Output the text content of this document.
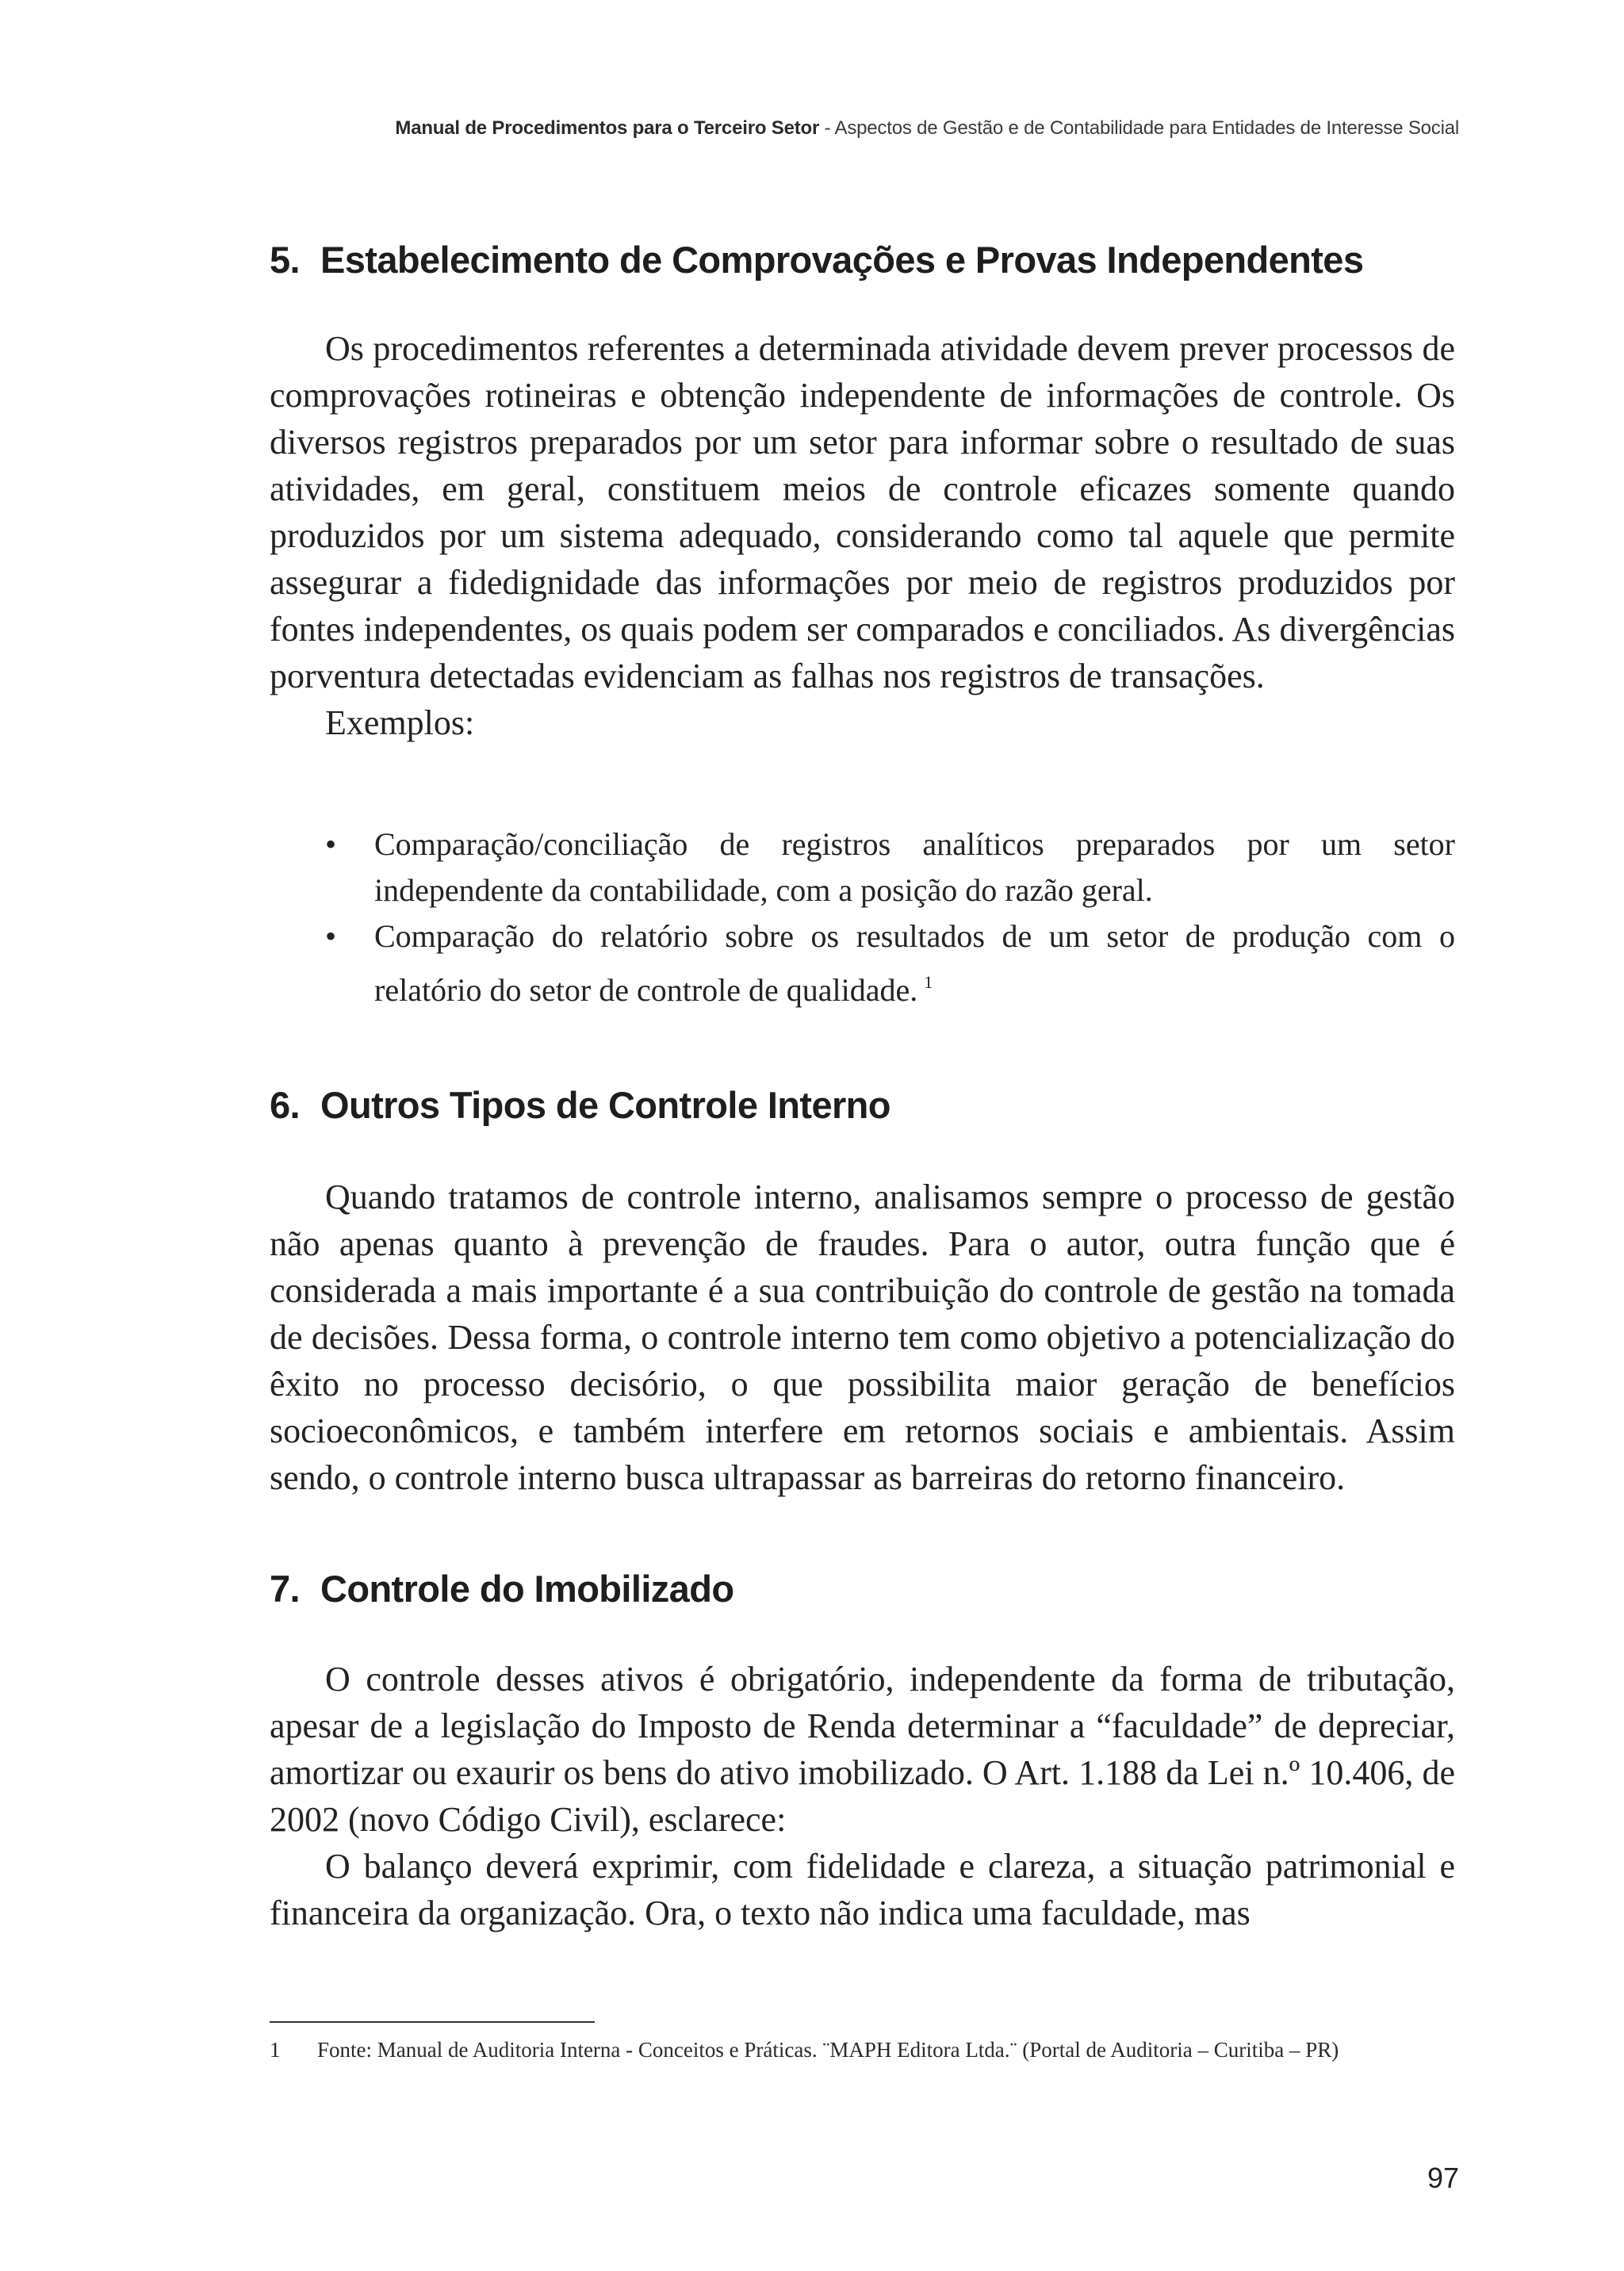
Manual de Procedimentos para o Terceiro Setor - Aspectos de Gestão e de Contabilidade para Entidades de Interesse Social
5. Estabelecimento de Comprovações e Provas Independentes

Os procedimentos referentes a determinada atividade devem prever processos de comprovações rotineiras e obtenção independente de informações de controle. Os diversos registros preparados por um setor para informar sobre o resultado de suas atividades, em geral, constituem meios de controle eficazes somente quando produzidos por um sistema adequado, considerando como tal aquele que permite assegurar a fidedignidade das informações por meio de registros produzidos por fontes independentes, os quais podem ser comparados e conciliados. As divergências porventura detectadas evidenciam as falhas nos registros de transações.

Exemplos:

• Comparação/conciliação de registros analíticos preparados por um setor independente da contabilidade, com a posição do razão geral.
• Comparação do relatório sobre os resultados de um setor de produção com o relatório do setor de controle de qualidade. $^1$
6. Outros Tipos de Controle Interno

Quando tratamos de controle interno, analisamos sempre o processo de gestão não apenas quanto à prevenção de fraudes. Para o autor, outra função que é considerada a mais importante é a sua contribuição do controle de gestão na tomada de decisões. Dessa forma, o controle interno tem como objetivo a potencialização do êxito no processo decisório, o que possibilita maior geração de benefícios socioeconômicos, e também interfere em retornos sociais e ambientais. Assim sendo, o controle interno busca ultrapassar as barreiras do retorno financeiro.

7. Controle do Imobilizado

O controle desses ativos é obrigatório, independente da forma de tributação, apesar de a legislação do Imposto de Renda determinar a “faculdade” de depreciar, amortizar ou exaurir os bens do ativo imobilizado. O Art. 1.188 da Lei n.º 10.406, de 2002 (novo Código Civil), esclarece:

O balanço deverá exprimir, com fidelidade e clareza, a situação patrimonial e financeira da organização. Ora, o texto não indica uma faculdade, mas

1 Fonte: Manual de Auditoria Interna - Conceitos e Práticas. ¨MAPH Editora Ltda.¨ (Portal de Auditoria – Curitiba – PR)
97
